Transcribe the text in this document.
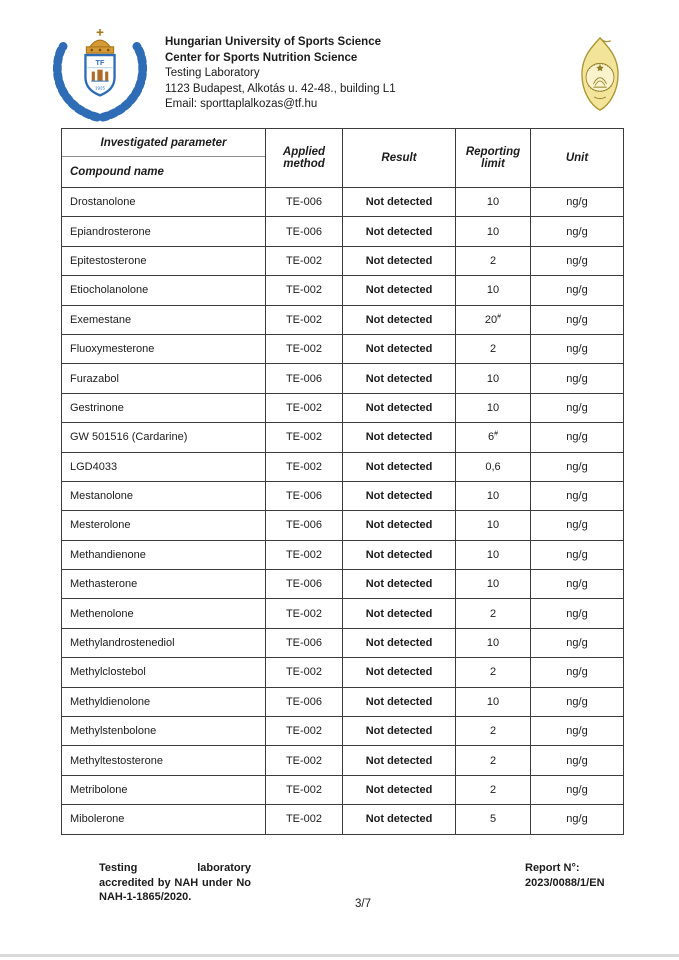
TF
1925
Hungarian University of Sports Science
Center for Sports Nutrition Science
Testing Laboratory
1123 Budapest, Alkotás u. 42-48., building L1
Email: sporttaplalkozas@tf.hu
Investigated parameter
Compound name	Applied method	Result	Reporting limit	Unit
Drostanolone	TE-006	Not detected	10	ng/g
Epiandrosterone	TE-006	Not detected	10	ng/g
Epitestosterone	TE-002	Not detected	2	ng/g
Etiocholanolone	TE-002	Not detected	10	ng/g
Exemestane	TE-002	Not detected	20#	ng/g
Fluoxymesterone	TE-002	Not detected	2	ng/g
Furazabol	TE-006	Not detected	10	ng/g
Gestrinone	TE-002	Not detected	10	ng/g
GW 501516 (Cardarine)	TE-002	Not detected	6#	ng/g
LGD4033	TE-002	Not detected	0,6	ng/g
Mestanolone	TE-006	Not detected	10	ng/g
Mesterolone	TE-006	Not detected	10	ng/g
Methandienone	TE-002	Not detected	10	ng/g
Methasterone	TE-006	Not detected	10	ng/g
Methenolone	TE-002	Not detected	2	ng/g
Methylandrostenediol	TE-006	Not detected	10	ng/g
Methylclostebol	TE-002	Not detected	2	ng/g
Methyldienolone	TE-006	Not detected	10	ng/g
Methylstenbolone	TE-002	Not detected	2	ng/g
Methyltestosterone	TE-002	Not detected	2	ng/g
Metribolone	TE-002	Not detected	2	ng/g
Mibolerone	TE-002	Not detected	5	ng/g
Testing laboratory accredited by NAH under No NAH-1-1865/2020.
Report N°:
2023/0088/1/EN
3/7
